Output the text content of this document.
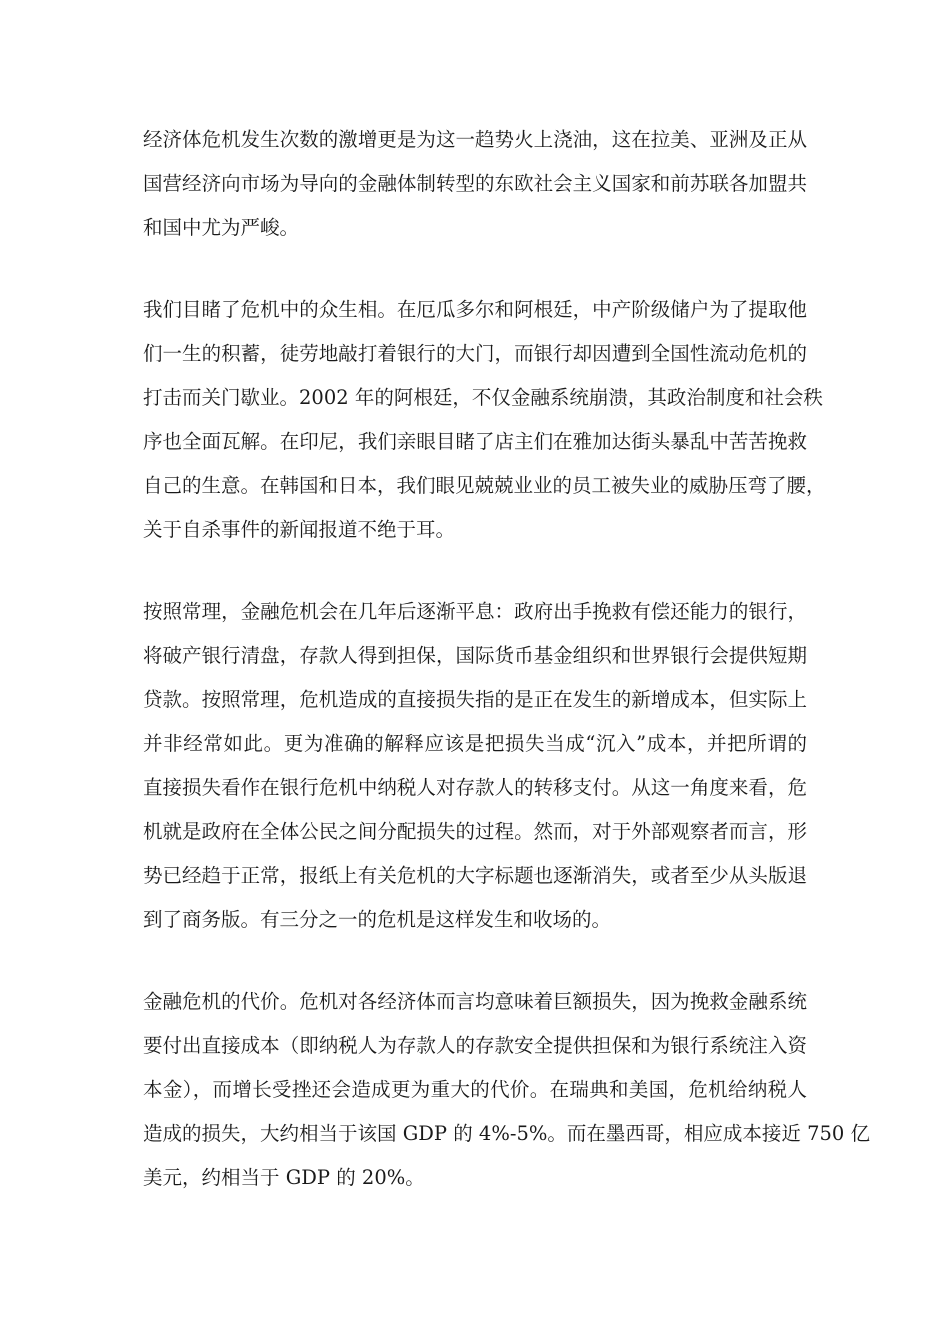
经济体危机发生次数的激增更是为这一趋势火上浇油，这在拉美、亚洲及正从
国营经济向市场为导向的金融体制转型的东欧社会主义国家和前苏联各加盟共
和国中尤为严峻。
我们目睹了危机中的众生相。在厄瓜多尔和阿根廷，中产阶级储户为了提取他
们一生的积蓄，徒劳地敲打着银行的大门，而银行却因遭到全国性流动危机的
打击而关门歇业。2002 年的阿根廷，不仅金融系统崩溃，其政治制度和社会秩
序也全面瓦解。在印尼，我们亲眼目睹了店主们在雅加达街头暴乱中苦苦挽救
自己的生意。在韩国和日本，我们眼见兢兢业业的员工被失业的威胁压弯了腰，
关于自杀事件的新闻报道不绝于耳。
按照常理，金融危机会在几年后逐渐平息：政府出手挽救有偿还能力的银行，
将破产银行清盘，存款人得到担保，国际货币基金组织和世界银行会提供短期
贷款。按照常理，危机造成的直接损失指的是正在发生的新增成本，但实际上
并非经常如此。更为准确的解释应该是把损失当成“沉入”成本，并把所谓的
直接损失看作在银行危机中纳税人对存款人的转移支付。从这一角度来看，危
机就是政府在全体公民之间分配损失的过程。然而，对于外部观察者而言，形
势已经趋于正常，报纸上有关危机的大字标题也逐渐消失，或者至少从头版退
到了商务版。有三分之一的危机是这样发生和收场的。
金融危机的代价。危机对各经济体而言均意味着巨额损失，因为挽救金融系统
要付出直接成本（即纳税人为存款人的存款安全提供担保和为银行系统注入资
本金），而增长受挫还会造成更为重大的代价。在瑞典和美国，危机给纳税人
造成的损失，大约相当于该国 GDP 的 4%-5%。而在墨西哥，相应成本接近 750 亿
美元，约相当于 GDP 的 20%。
